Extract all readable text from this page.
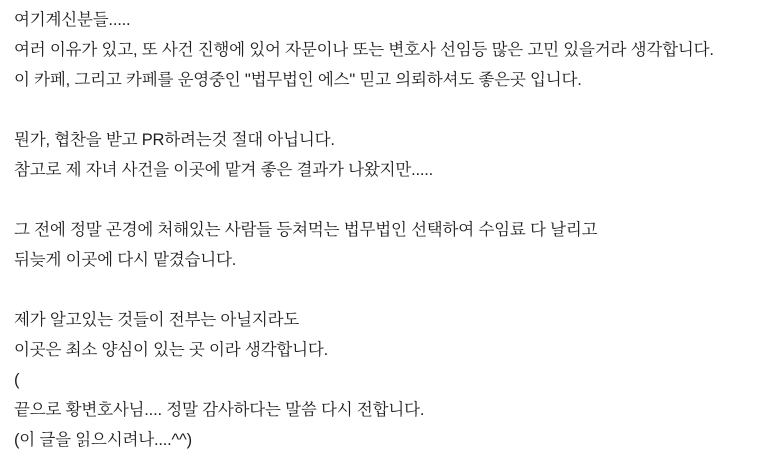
여기계신분들.....

여러 이유가 있고, 또 사건 진행에 있어 자문이나 또는 변호사 선임등 많은 고민 있을거라 생각합니다.

이 카페, 그리고 카페를 운영중인 "법무법인 에스" 믿고 의뢰하셔도 좋은곳 입니다.

뭔가, 협찬을 받고 PR하려는것 절대 아닙니다.

참고로 제 자녀 사건을 이곳에 맡겨 좋은 결과가 나왔지만.....

그 전에 정말 곤경에 처해있는 사람들 등쳐먹는 법무법인 선택하여 수임료 다 날리고

뒤늦게 이곳에 다시 맡겼습니다.

제가 알고있는 것들이 전부는 아닐지라도

이곳은 최소 양심이 있는 곳 이라 생각합니다.

(

끝으로 황변호사님.... 정말 감사하다는 말씀 다시 전합니다.

(이 글을 읽으시려나....^^)
